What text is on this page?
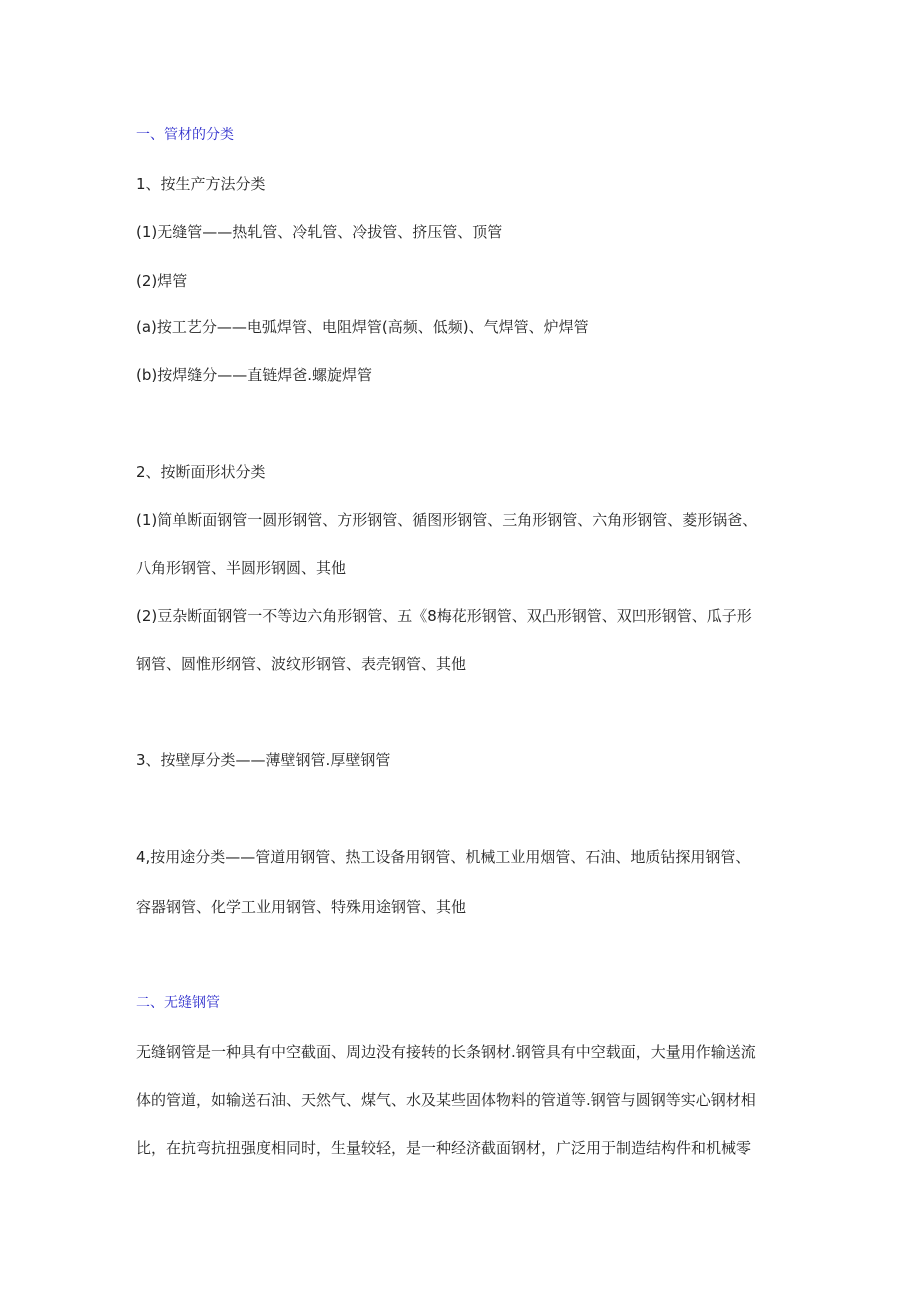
一、管材的分类
1、按生产方法分类
(1)无缝管——热轧管、冷轧管、冷拔管、挤压管、顶管
(2)焊管
(a)按工艺分——电弧焊管、电阻焊管(高频、低频)、气焊管、炉焊管
(b)按焊缝分——直链焊爸.螺旋焊管
2、按断面形状分类
(1)简单断面钢管一圆形钢管、方形钢管、循图形钢管、三角形钢管、六角形钢管、菱形锅爸、
八角形钢管、半圆形钢圆、其他
(2)豆杂断面钢管一不等边六角形钢管、五《8梅花形钢管、双凸形钢管、双凹形钢管、瓜子形
钢管、圆惟形纲管、波纹形钢管、表壳钢管、其他
3、按壁厚分类——薄壁钢管.厚壁钢管
4,按用途分类——管道用钢管、热工设备用钢管、机械工业用烟管、石油、地质钻探用钢管、
容器钢管、化学工业用钢管、特殊用途钢管、其他
二、无缝钢管
无缝钢管是一种具有中空截面、周边没有接转的长条钢材.钢管具有中空载面，大量用作输送流
体的管道，如输送石油、天然气、煤气、水及某些固体物料的管道等.钢管与圆钢等实心钢材相
比，在抗弯抗扭强度相同时，生量较轻，是一种经济截面钢材，广泛用于制造结构件和机械零
